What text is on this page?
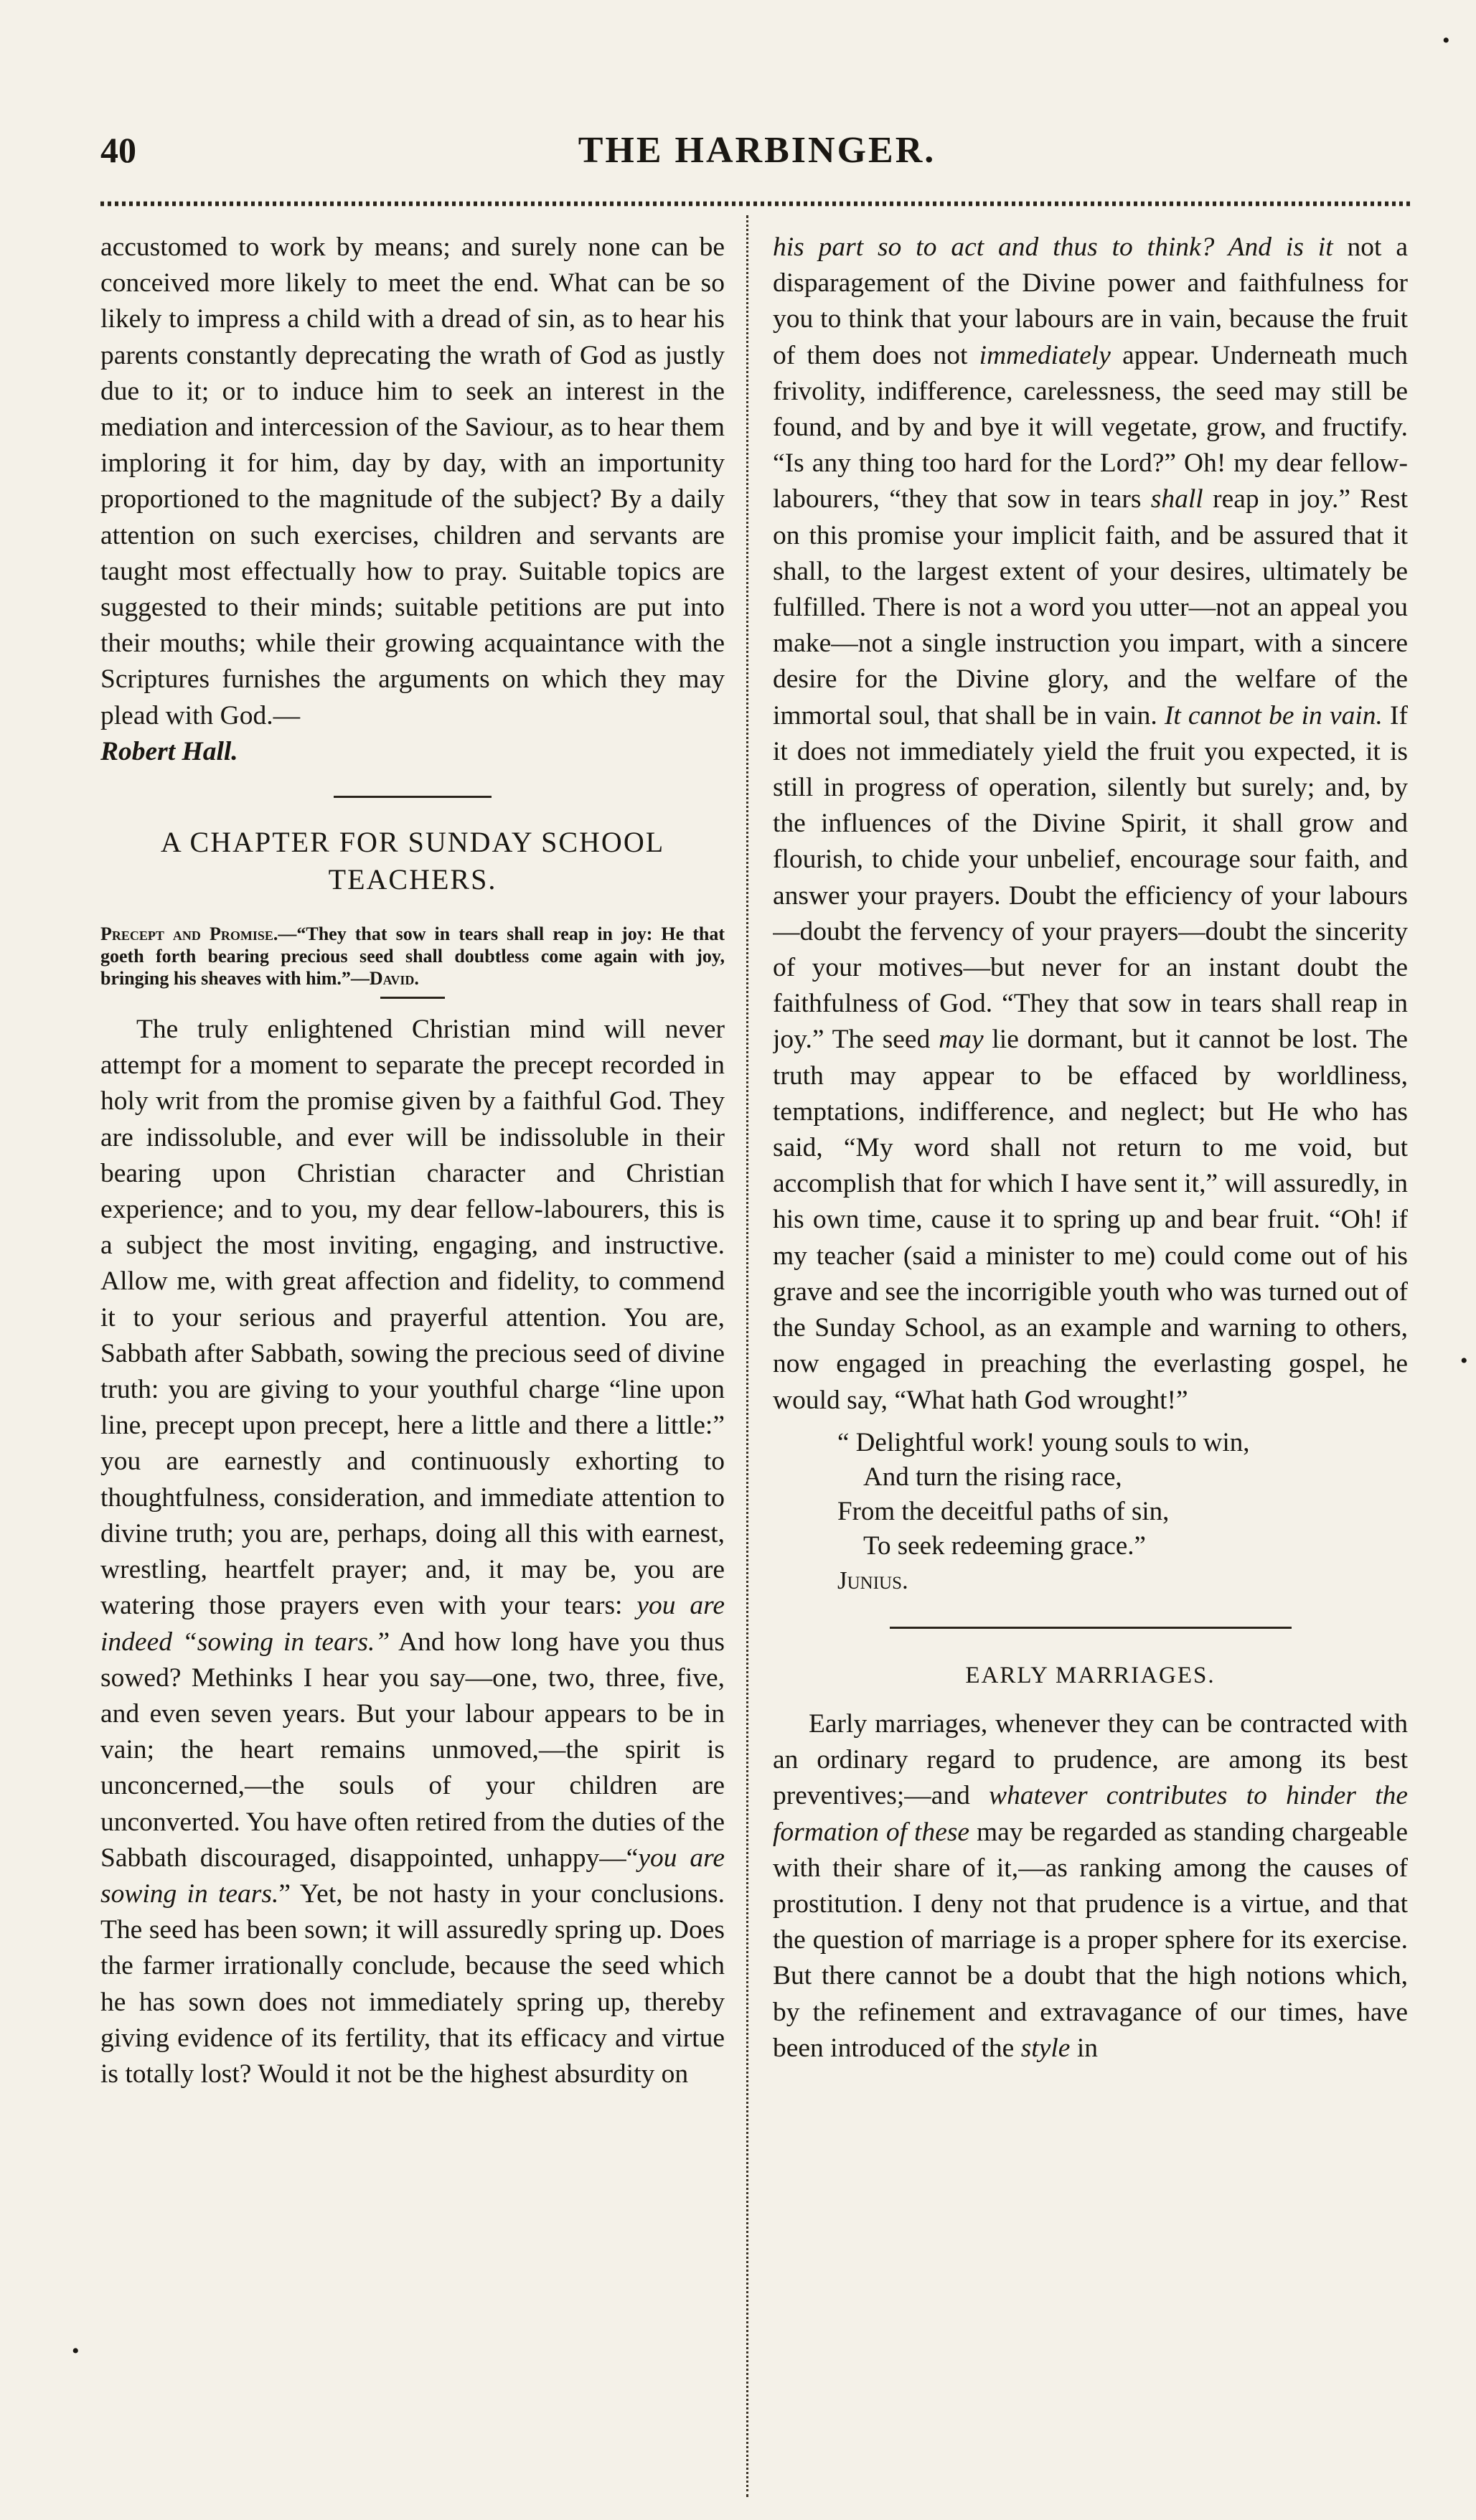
40	THE HARBINGER.

accustomed to work by means; and surely none can be conceived more likely to meet the end. What can be so likely to impress a child with a dread of sin, as to hear his parents constantly deprecating the wrath of God as justly due to it; or to induce him to seek an interest in the mediation and intercession of the Saviour, as to hear them imploring it for him, day by day, with an importunity proportioned to the magnitude of the subject? By a daily attention on such exercises, children and servants are taught most effectually how to pray. Suitable topics are suggested to their minds; suitable petitions are put into their mouths; while their growing acquaintance with the Scriptures furnishes the arguments on which they may plead with God.—

Robert Hall.

A CHAPTER FOR SUNDAY SCHOOL TEACHERS.

Precept and Promise.—“They that sow in tears shall reap in joy: He that goeth forth bearing precious seed shall doubtless come again with joy, bringing his sheaves with him.”—David.

The truly enlightened Christian mind will never attempt for a moment to separate the precept recorded in holy writ from the promise given by a faithful God. They are indissoluble, and ever will be indissoluble in their bearing upon Christian character and Christian experience; and to you, my dear fellow-labourers, this is a subject the most inviting, engaging, and instructive. Allow me, with great affection and fidelity, to commend it to your serious and prayerful attention. You are, Sabbath after Sabbath, sowing the precious seed of divine truth: you are giving to your youthful charge “line upon line, precept upon precept, here a little and there a little:” you are earnestly and continuously exhorting to thoughtfulness, consideration, and immediate attention to divine truth; you are, perhaps, doing all this with earnest, wrestling, heartfelt prayer; and, it may be, you are watering those prayers even with your tears: you are indeed “sowing in tears.” And how long have you thus sowed? Methinks I hear you say—one, two, three, five, and even seven years. But your labour appears to be in vain; the heart remains unmoved,—the spirit is unconcerned,—the souls of your children are unconverted. You have often retired from the duties of the Sabbath discouraged, disappointed, unhappy—“you are sowing in tears.” Yet, be not hasty in your conclusions. The seed has been sown; it will assuredly spring up. Does the farmer irrationally conclude, because the seed which he has sown does not immediately spring up, thereby giving evidence of its fertility, that its efficacy and virtue is totally lost? Would it not be the highest absurdity on

his part so to act and thus to think? And is it not a disparagement of the Divine power and faithfulness for you to think that your labours are in vain, because the fruit of them does not immediately appear. Underneath much frivolity, indifference, carelessness, the seed may still be found, and by and bye it will vegetate, grow, and fructify. “Is any thing too hard for the Lord?” Oh! my dear fellow-labourers, “they that sow in tears shall reap in joy.” Rest on this promise your implicit faith, and be assured that it shall, to the largest extent of your desires, ultimately be fulfilled. There is not a word you utter—not an appeal you make—not a single instruction you impart, with a sincere desire for the Divine glory, and the welfare of the immortal soul, that shall be in vain. It cannot be in vain. If it does not immediately yield the fruit you expected, it is still in progress of operation, silently but surely; and, by the influences of the Divine Spirit, it shall grow and flourish, to chide your unbelief, encourage sour faith, and answer your prayers. Doubt the efficiency of your labours—doubt the fervency of your prayers—doubt the sincerity of your motives—but never for an instant doubt the faithfulness of God. “They that sow in tears shall reap in joy.” The seed may lie dormant, but it cannot be lost. The truth may appear to be effaced by worldliness, temptations, indifference, and neglect; but He who has said, “My word shall not return to me void, but accomplish that for which I have sent it,” will assuredly, in his own time, cause it to spring up and bear fruit. “Oh! if my teacher (said a minister to me) could come out of his grave and see the incorrigible youth who was turned out of the Sunday School, as an example and warning to others, now engaged in preaching the everlasting gospel, he would say, “What hath God wrought!”

“ Delightful work! young souls to win,
And turn the rising race,
From the deceitful paths of sin,
To seek redeeming grace.”
Junius.
EARLY MARRIAGES.

Early marriages, whenever they can be contracted with an ordinary regard to prudence, are among its best preventives;—and whatever contributes to hinder the formation of these may be regarded as standing chargeable with their share of it,—as ranking among the causes of prostitution. I deny not that prudence is a virtue, and that the question of marriage is a proper sphere for its exercise. But there cannot be a doubt that the high notions which, by the refinement and extravagance of our times, have been introduced of the style in

•
•
•
